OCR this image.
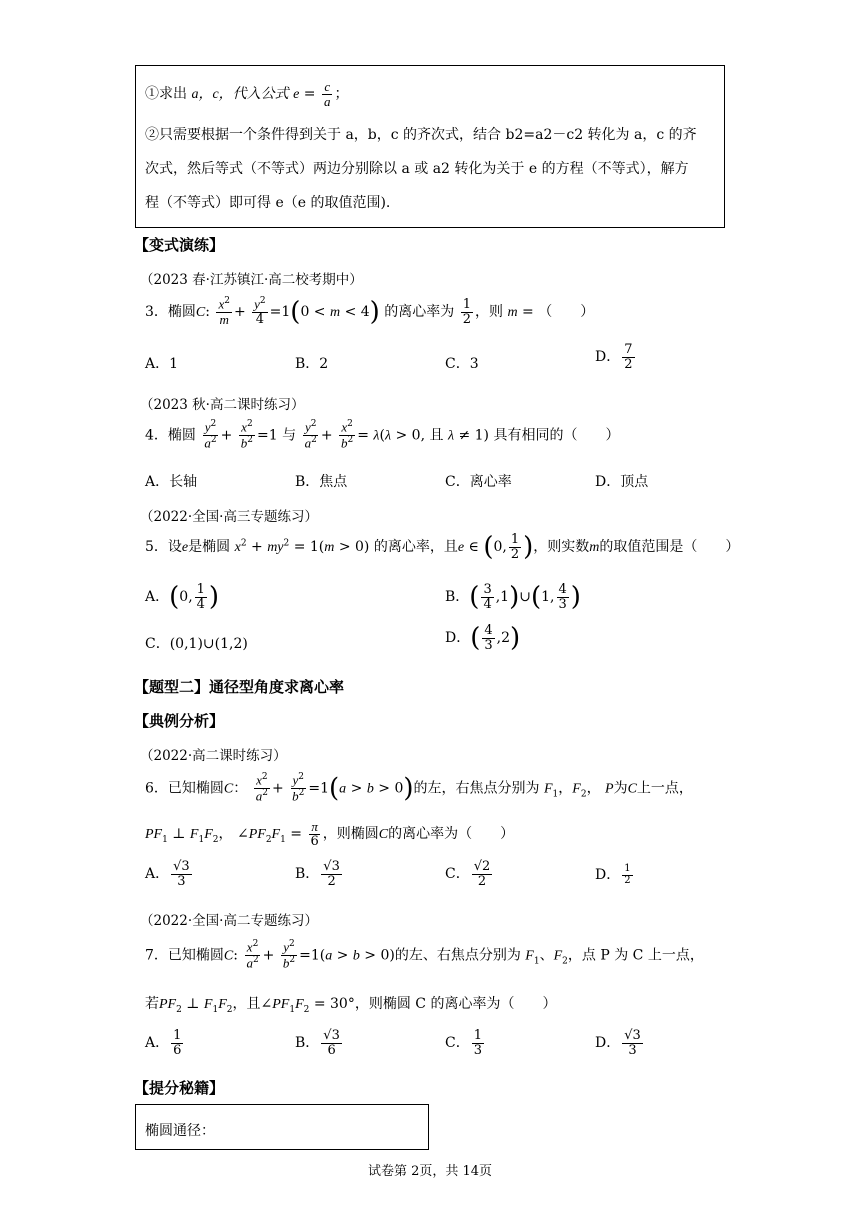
①求出 a，c，代入公式 $e = \frac{c}{a}$ ；
②只需要根据一个条件得到关于 a，b，c 的齐次式，结合 b2=a2－c2 转化为 a，c 的齐
次式，然后等式（不等式）两边分别除以 a 或 a2 转化为关于 e 的方程（不等式），解方
程（不等式）即可得 e（e 的取值范围).
【变式演练】
（2023 春·江苏镇江·高二校考期中）
3．椭圆C: $\frac{x^2}{m} + \frac{y^2}{4} =1(0 < m < 4)$ 的离心率为 $\frac{1}{2}$ ，则 m = （　　）
A．1	B．2	C．3	D． $\frac{7}{2}$
（2023 秋·高二课时练习）
4．椭圆 $\frac{y^2}{a^2} + \frac{x^2}{b^2} =1$ 与 $\frac{y^2}{a^2} + \frac{x^2}{b^2} = \lambda(\lambda > 0$, 且 λ ≠ 1) 具有相同的（　　）
A．长轴	B．焦点	C．离心率	D．顶点
（2022·全国·高三专题练习）
5．设e是椭圆 $x^2 + my^2 = 1(m > 0)$ 的离心率，且e ∈ (0, $\frac{1}{2}$ )，则实数m的取值范围是（　　）
A．(0, $\frac{1}{4}$ )	B．( $\frac{3}{4}$ ,1)∪(1, $\frac{4}{3}$ )
C．(0,1)∪(1,2)	D．( $\frac{4}{3} ,2$)
【题型二】通径型角度求离心率
【典例分析】
（2022·高二课时练习）
6．已知椭圆C： $\frac{x^2}{a^2} + \frac{y^2}{b^2} =1(a > b > 0)$的左，右焦点分别为 $F_1$，$F_2$， P为C上一点，
$PF_1$ ⊥ $F_1F_2$， $\angle PF_2F_1 = \frac{\pi}{6}$ ，则椭圆C的离心率为（　　）
A． $\frac{√3}{3}$	B． $\frac{√3}{2}$	C． $\frac{√2}{2}$	D． $\frac{1}{2}$
（2022·全国·高二专题练习）
7．已知椭圆C: $\frac{x^2}{a^2} + \frac{y^2}{b^2} =1(a > b > 0)$的左、右焦点分别为 $F_1$、$F_2$，点 P 为 C 上一点，
若$PF_2$ ⊥ $F_1F_2$，且$\angle PF_1F_2 = 30^\circ$，则椭圆 C 的离心率为（　　）
A． $\frac{1}{6}$	B． $\frac{√3}{6}$	C． $\frac{1}{3}$	D． $\frac{√3}{3}$
【提分秘籍】
椭圆通径：
试卷第 2页，共 14页
